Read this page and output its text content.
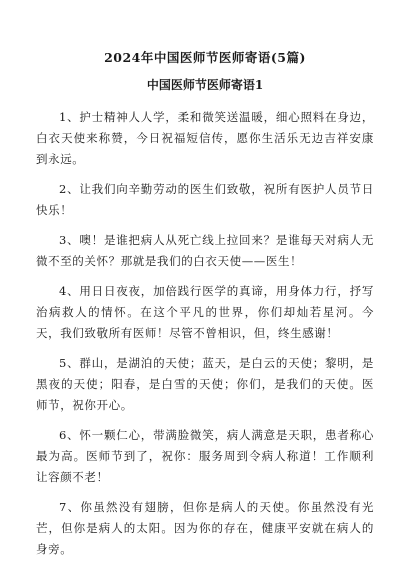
2024年中国医师节医师寄语(5篇)
中国医师节医师寄语1

1、护士精神人人学，柔和微笑送温暖，细心照料在身边，白衣天使来称赞，今日祝福短信传，愿你生活乐无边吉祥安康到永远。

2、让我们向辛勤劳动的医生们致敬，祝所有医护人员节日快乐！

3、噢！是谁把病人从死亡线上拉回来？是谁每天对病人无微不至的关怀？那就是我们的白衣天使——医生！

4、用日日夜夜，加倍践行医学的真谛，用身体力行，抒写治病救人的情怀。在这个平凡的世界，你们却灿若星河。今天，我们致敬所有医师！尽管不曾相识，但，终生感谢！

5、群山，是湖泊的天使；蓝天，是白云的天使；黎明，是黑夜的天使；阳春，是白雪的天使；你们，是我们的天使。医师节，祝你开心。

6、怀一颗仁心，带满脸微笑，病人满意是天职，患者称心最为高。医师节到了，祝你：服务周到令病人称道！工作顺利让容颜不老！

7、你虽然没有翅膀，但你是病人的天使。你虽然没有光芒，但你是病人的太阳。因为你的存在，健康平安就在病人的身旁。
